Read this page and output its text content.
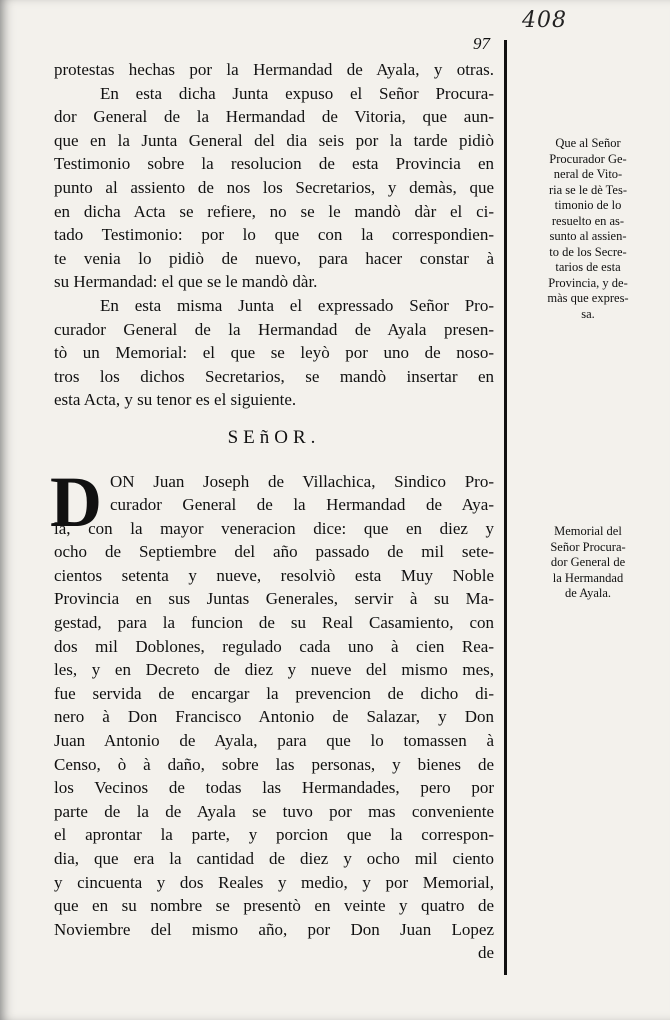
408
97
protestas hechas por la Hermandad de Ayala, y otras.
En esta dicha Junta expuso el Señor Procura-
dor General de la Hermandad de Vitoria, que aun-
que en la Junta General del dia seis por la tarde pidiò
Testimonio sobre la resolucion de esta Provincia en
punto al assiento de nos los Secretarios, y demàs, que
en dicha Acta se refiere, no se le mandò dàr el ci-
tado Testimonio: por lo que con la correspondien-
te venia lo pidiò de nuevo, para hacer constar à
su Hermandad: el que se le mandò dàr.
En esta misma Junta el expressado Señor Pro-
curador General de la Hermandad de Ayala presen-
tò un Memorial: el que se leyò por uno de noso-
tros los dichos Secretarios, se mandò insertar en
esta Acta, y su tenor es el siguiente.
SEñOR.
D ON Juan Joseph de Villachica, Sindico Pro-
curador General de la Hermandad de Aya-
la, con la mayor veneracion dice: que en diez y
ocho de Septiembre del año passado de mil sete-
cientos setenta y nueve, resolviò esta Muy Noble
Provincia en sus Juntas Generales, servir à su Ma-
gestad, para la funcion de su Real Casamiento, con
dos mil Doblones, regulado cada uno à cien Rea-
les, y en Decreto de diez y nueve del mismo mes,
fue servida de encargar la prevencion de dicho di-
nero à Don Francisco Antonio de Salazar, y Don
Juan Antonio de Ayala, para que lo tomassen à
Censo, ò à daño, sobre las personas, y bienes de
los Vecinos de todas las Hermandades, pero por
parte de la de Ayala se tuvo por mas conveniente
el aprontar la parte, y porcion que la correspon-
dia, que era la cantidad de diez y ocho mil ciento
y cincuenta y dos Reales y medio, y por Memorial,
que en su nombre se presentò en veinte y quatro de
Noviembre del mismo año, por Don Juan Lopez
de
Que al Señor
Procurador Ge-
neral de Vito-
ria se le dè Tes-
timonio de lo
resuelto en as-
sunto al assien-
to de los Secre-
tarios de esta
Provincia, y de-
màs que expres-
sa.
Memorial del
Señor Procura-
dor General de
la Hermandad
de Ayala.
